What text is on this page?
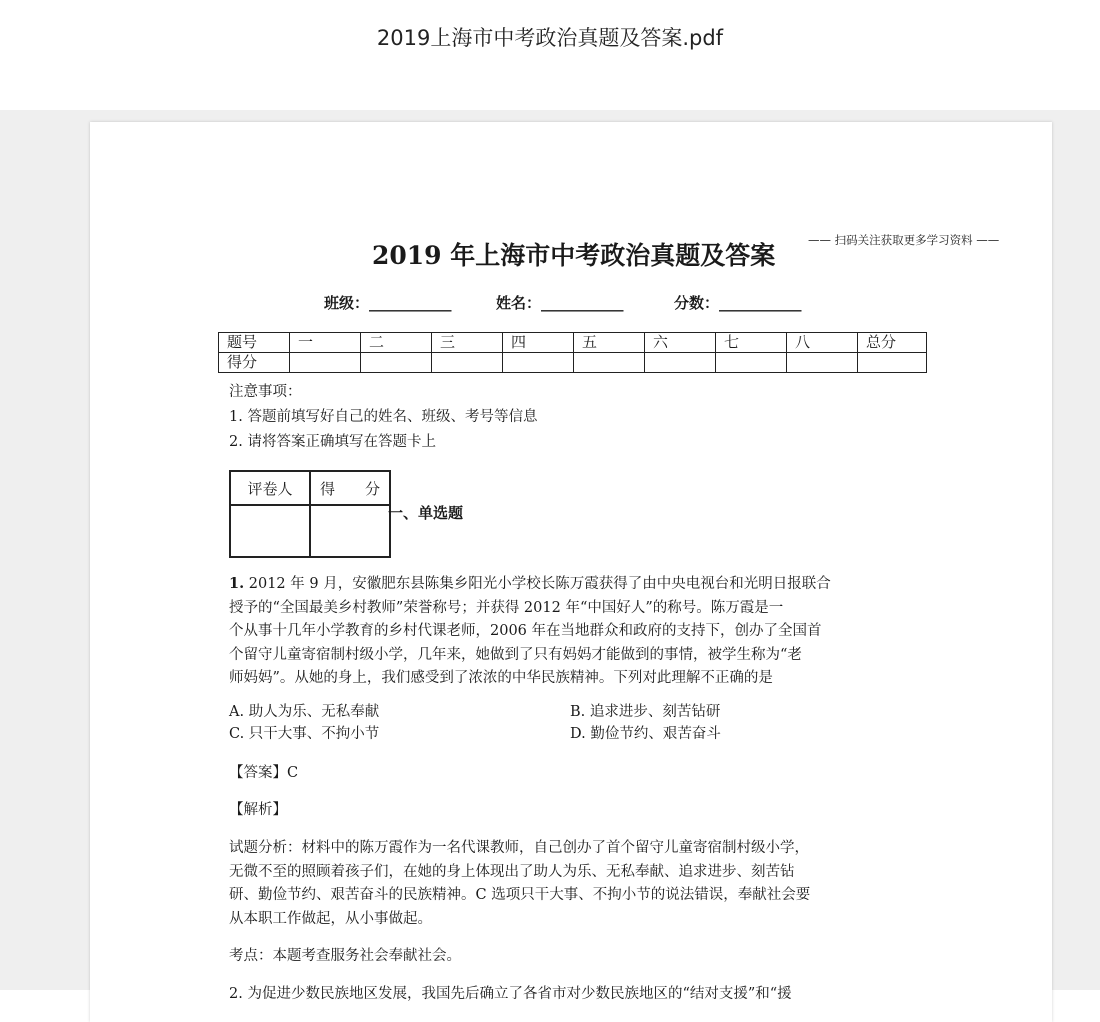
2019上海市中考政治真题及答案.pdf
—— 扫码关注获取更多学习资料 ——
2019 年上海市中考政治真题及答案
班级：___________	姓名：___________	分数：___________
题号	一	二	三	四	五	六	七	八	总分
得分									
注意事项：
1. 答题前填写好自己的姓名、班级、考号等信息
2. 请将答案正确填写在答题卡上
评卷人	得　　分

一、单选题
1. 2012 年 9 月，安徽肥东县陈集乡阳光小学校长陈万霞获得了由中央电视台和光明日报联合
授予的“全国最美乡村教师”荣誉称号；并获得 2012 年“中国好人”的称号。陈万霞是一
个从事十几年小学教育的乡村代课老师，2006 年在当地群众和政府的支持下，创办了全国首
个留守儿童寄宿制村级小学，几年来，她做到了只有妈妈才能做到的事情，被学生称为“老
师妈妈”。从她的身上，我们感受到了浓浓的中华民族精神。下列对此理解不正确的是
A. 助人为乐、无私奉献	B. 追求进步、刻苦钻研
C. 只干大事、不拘小节	D. 勤俭节约、艰苦奋斗
【答案】C
【解析】
试题分析：材料中的陈万霞作为一名代课教师，自己创办了首个留守儿童寄宿制村级小学，
无微不至的照顾着孩子们，在她的身上体现出了助人为乐、无私奉献、追求进步、刻苦钻
研、勤俭节约、艰苦奋斗的民族精神。C 选项只干大事、不拘小节的说法错误，奉献社会要
从本职工作做起，从小事做起。
考点：本题考查服务社会奉献社会。
2. 为促进少数民族地区发展，我国先后确立了各省市对少数民族地区的“结对支援”和“援
